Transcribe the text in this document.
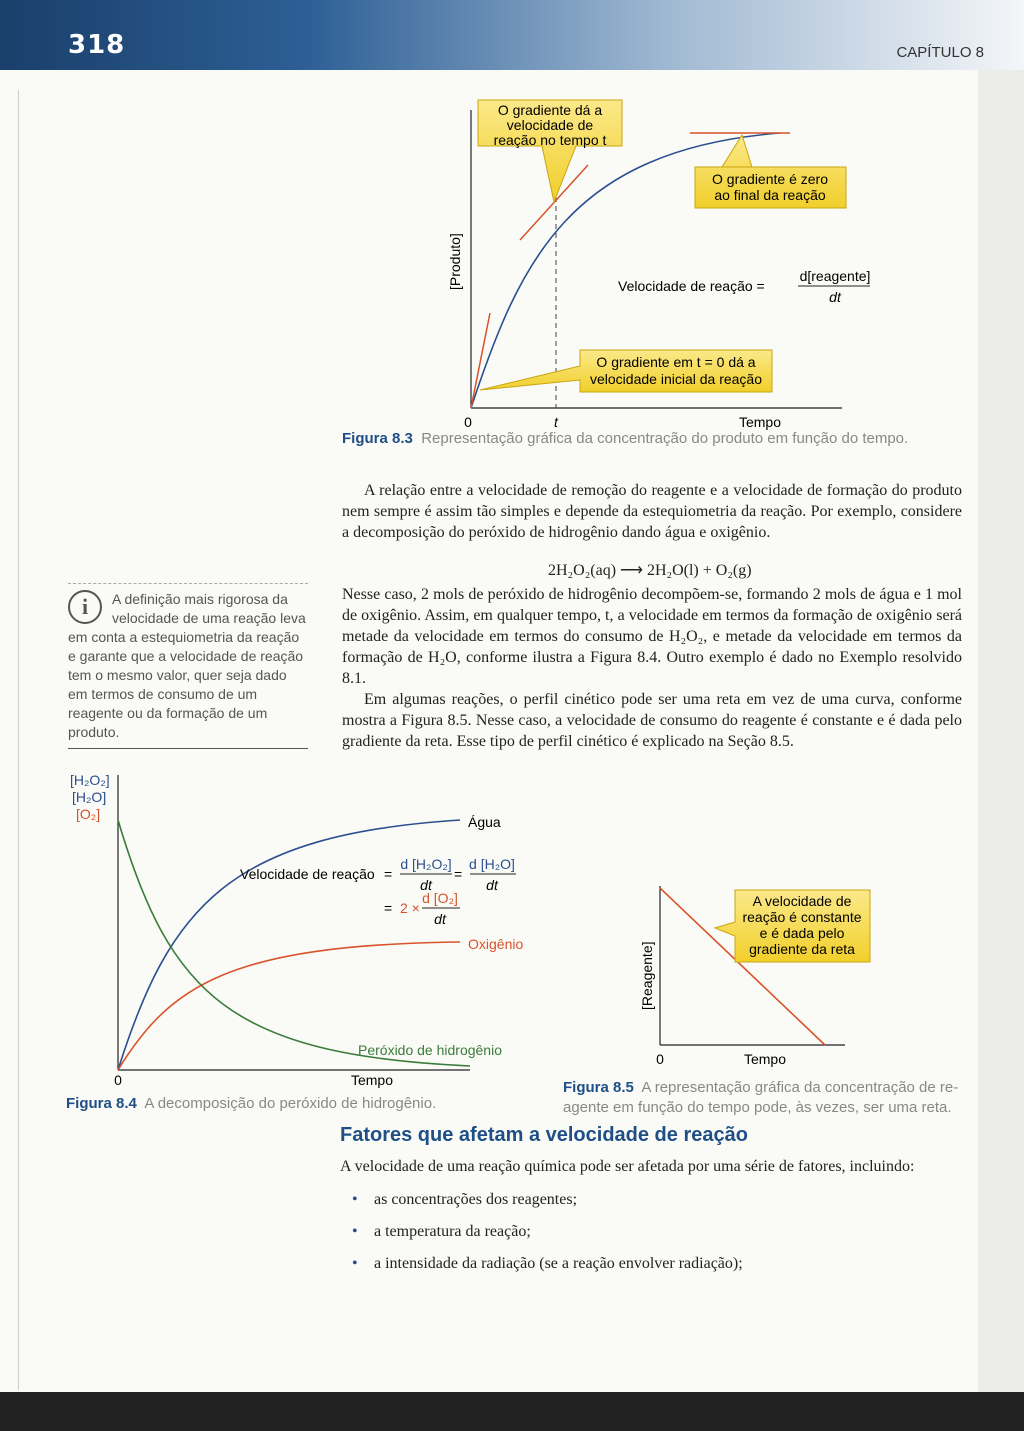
318	CAPÍTULO 8
O gradiente dá a
velocidade de
reação no tempo t
O gradiente é zero
ao final da reação
O gradiente em t = 0 dá a
velocidade inicial da reação
Velocidade de reação =
d[reagente]
dt
[Produto]
0	t	Tempo
Figura 8.3 Representação gráfica da concentração do produto em função do tempo.

A relação entre a velocidade de remoção do reagente e a velocidade de formação do produto nem sempre é assim tão simples e depende da estequiometria da reação. Por exemplo, considere a decomposição do peróxido de hidrogênio dando água e oxigênio.

2H₂O₂(aq) ⟶ 2H₂O(l) + O₂(g)

Nesse caso, 2 mols de peróxido de hidrogênio decompõem-se, formando 2 mols de água e 1 mol de oxigênio. Assim, em qualquer tempo, t, a velocidade em termos da formação de oxigênio será metade da velocidade em termos do consumo de H₂O₂, e metade da velocidade em termos da formação de H₂O, conforme ilustra a Figura 8.4. Outro exemplo é dado no Exemplo resolvido 8.1.

Em algumas reações, o perfil cinético pode ser uma reta em vez de uma curva, conforme mostra a Figura 8.5. Nesse caso, a velocidade de consumo do reagente é constante e é dada pelo gradiente da reta. Esse tipo de perfil cinético é explicado na Seção 8.5.

i	A definição mais rigorosa da velocidade de uma reação leva em conta a estequiometria da reação e garante que a velocidade de reação tem o mesmo valor, quer seja dado em termos de consumo de um reagente ou da formação de um produto.
[H₂O₂]
[H₂O]
[O₂]	Água
Oxigênio
Peróxido de hidrogênio
Velocidade de reação =
d [H₂O₂]
dt
=
d [H₂O]
dt
= 2 ×
d [O₂]
dt
0	Tempo
Figura 8.4 A decomposição do peróxido de hidrogênio.
A velocidade de
reação é constante
e é dada pelo
gradiente da reta
[Reagente]
0	Tempo
Figura 8.5 A representação gráfica da concentração de re-
agente em função do tempo pode, às vezes, ser uma reta.
Fatores que afetam a velocidade de reação
A velocidade de uma reação química pode ser afetada por uma série de fatores, incluindo:
• as concentrações dos reagentes;
• a temperatura da reação;
• a intensidade da radiação (se a reação envolver radiação);
